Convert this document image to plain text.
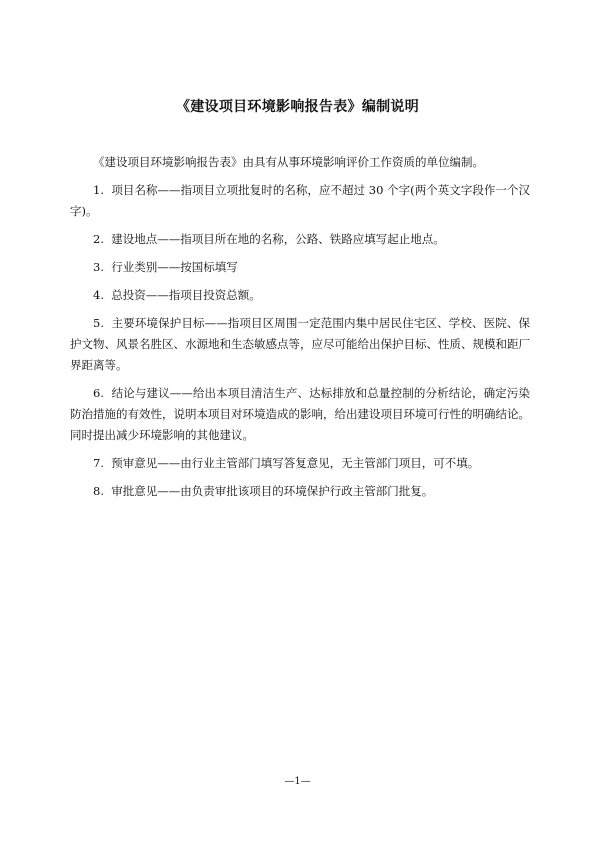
《建设项目环境影响报告表》编制说明

《建设项目环境影响报告表》由具有从事环境影响评价工作资质的单位编制。

1. 项目名称——指项目立项批复时的名称，应不超过 30 个字(两个英文字段作一个汉字)。

2. 建设地点——指项目所在地的名称，公路、铁路应填写起止地点。

3. 行业类别——按国标填写

4. 总投资——指项目投资总额。

5. 主要环境保护目标——指项目区周围一定范围内集中居民住宅区、学校、医院、保护文物、风景名胜区、水源地和生态敏感点等，应尽可能给出保护目标、性质、规模和距厂界距离等。

6. 结论与建议——给出本项目清洁生产、达标排放和总量控制的分析结论，确定污染防治措施的有效性，说明本项目对环境造成的影响，给出建设项目环境可行性的明确结论。同时提出减少环境影响的其他建议。

7. 预审意见——由行业主管部门填写答复意见，无主管部门项目，可不填。

8. 审批意见——由负责审批该项目的环境保护行政主管部门批复。

—1—
